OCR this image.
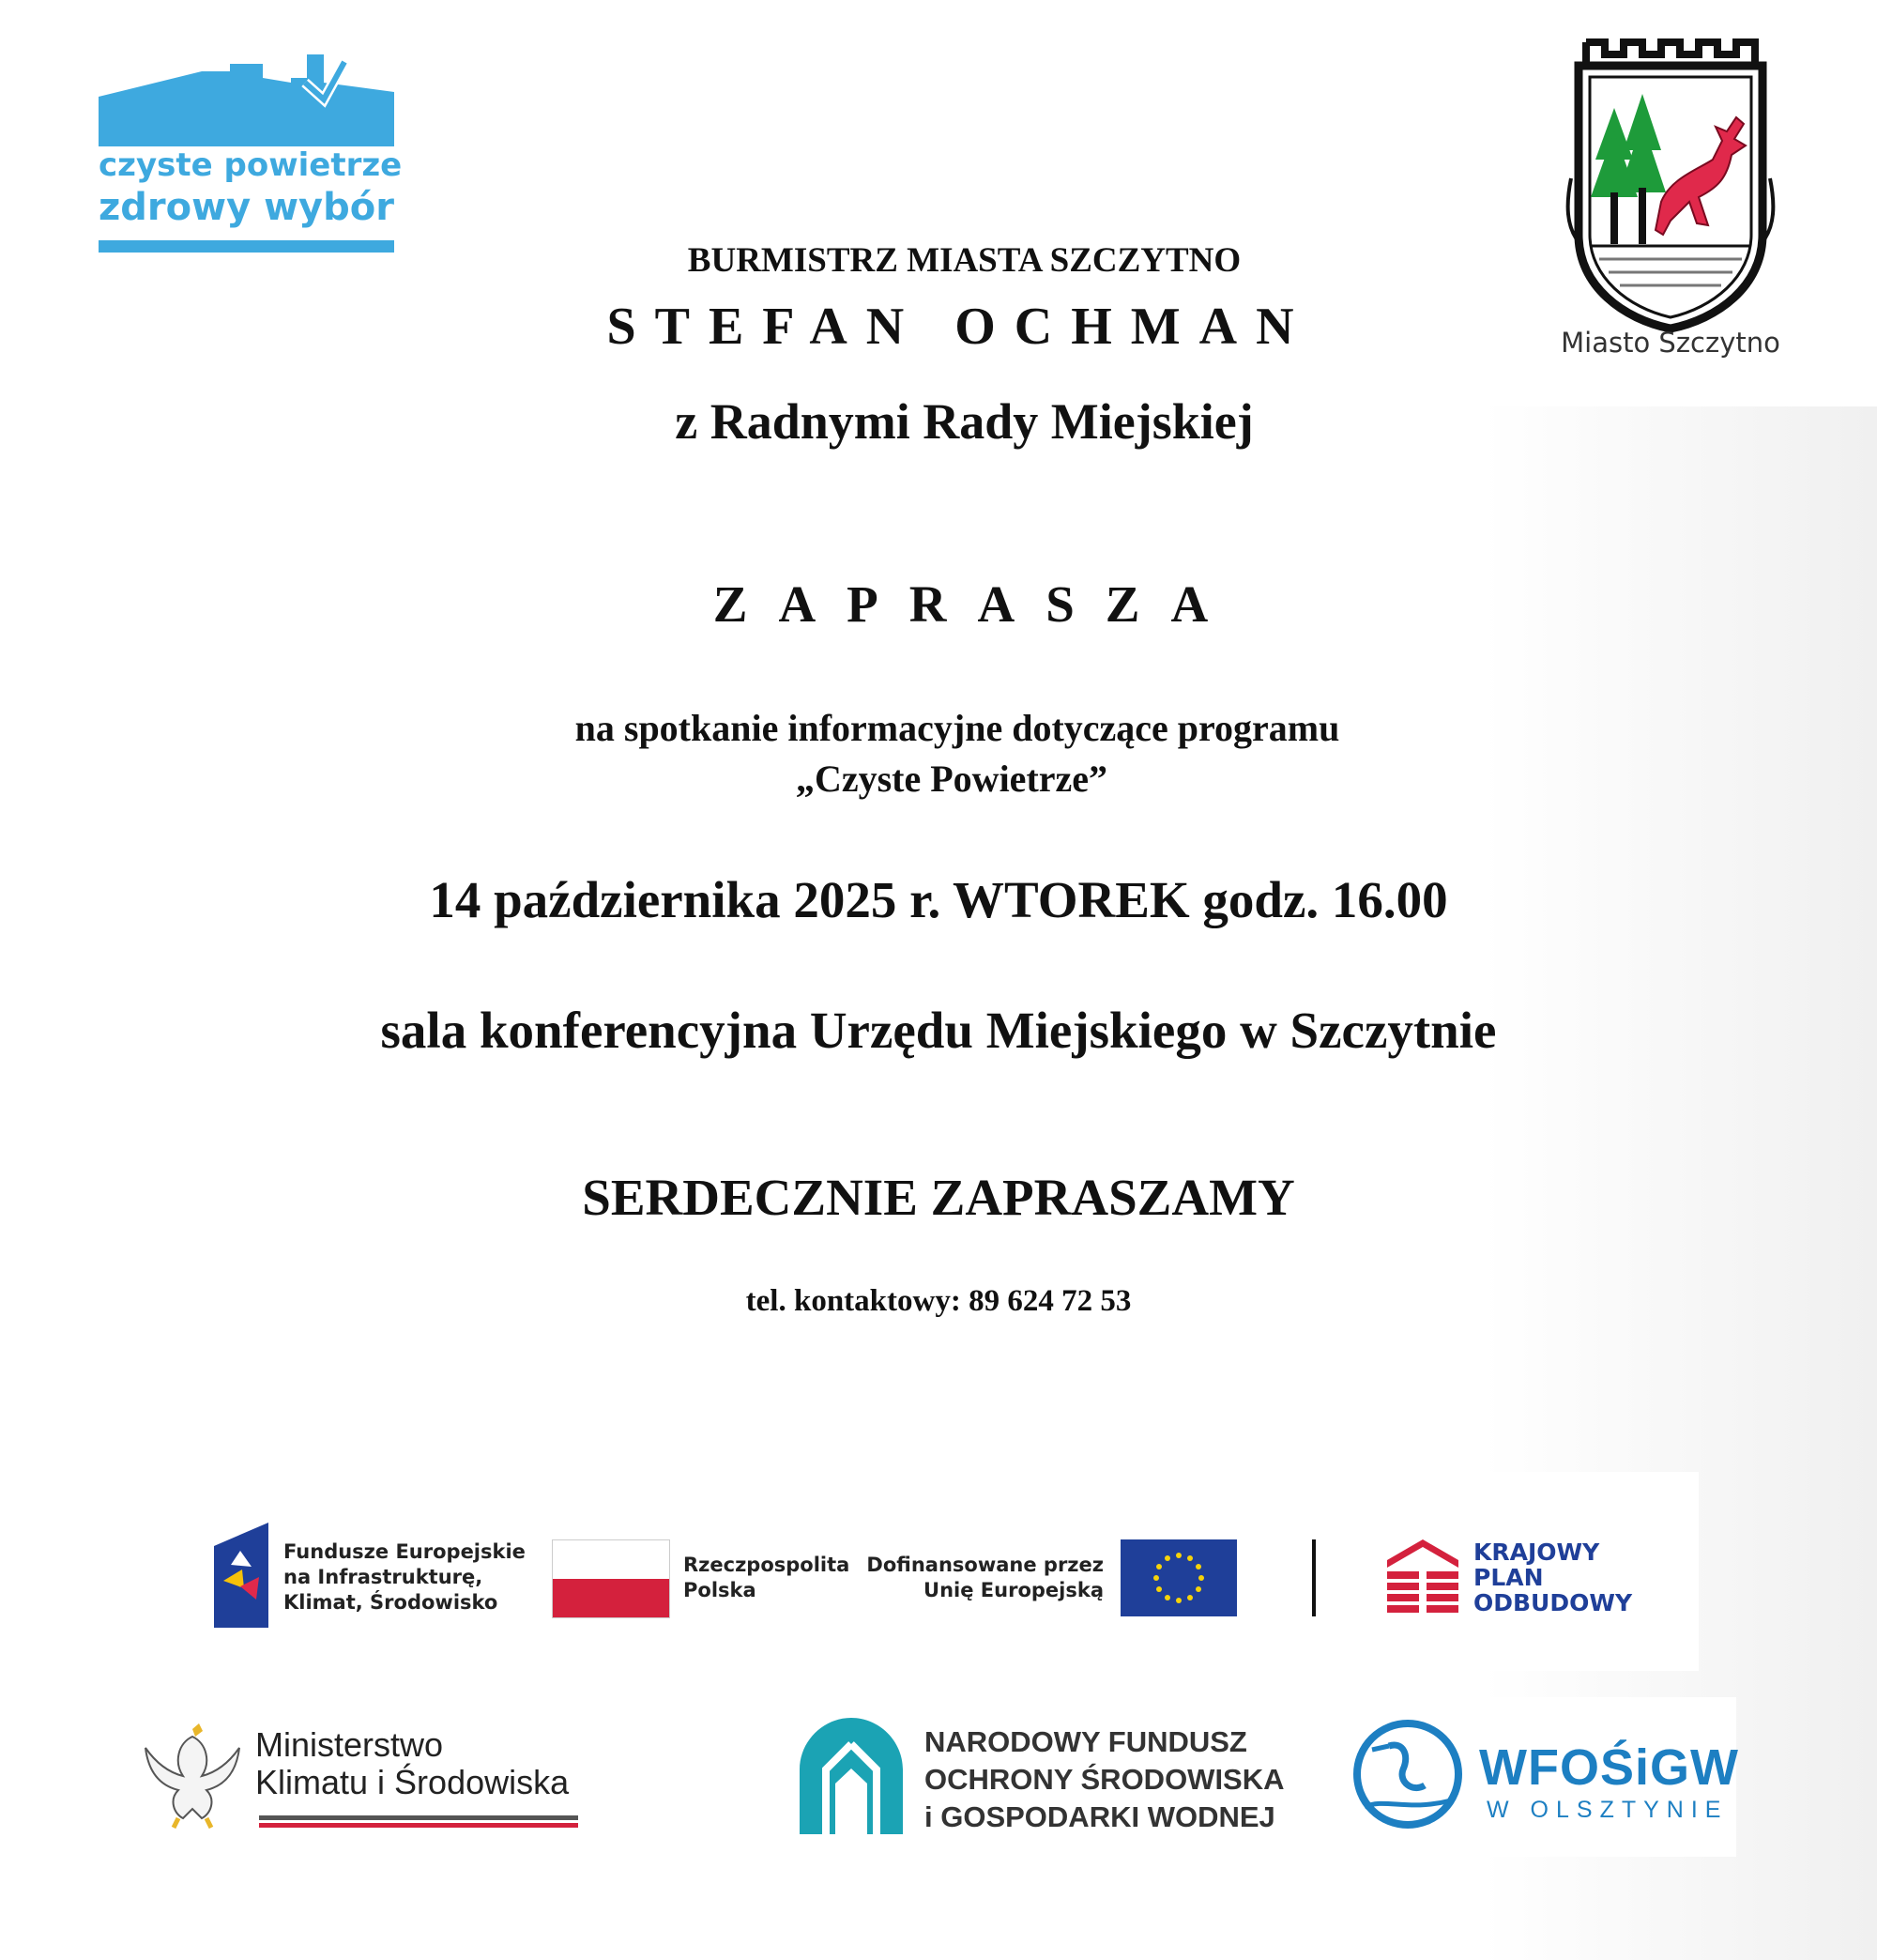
czyste powietrze
zdrowy wybór
Miasto Szczytno
BURMISTRZ MIASTA SZCZYTNO
STEFAN OCHMAN
z Radnymi Rady Miejskiej
ZAPRASZA
na spotkanie informacyjne dotyczące programu
„Czyste Powietrze”
14 października 2025 r. WTOREK godz. 16.00
sala konferencyjna Urzędu Miejskiego w Szczytnie
SERDECZNIE ZAPRASZAMY
tel. kontaktowy: 89 624 72 53
Fundusze Europejskie
na Infrastrukturę,
Klimat, Środowisko
Rzeczpospolita
Polska
Dofinansowane przez
Unię Europejską
KRAJOWY
PLAN
ODBUDOWY
Ministerstwo
Klimatu i Środowiska
NARODOWY FUNDUSZ
OCHRONY ŚRODOWISKA
i GOSPODARKI WODNEJ
WFOŚiGW
W OLSZTYNIE
